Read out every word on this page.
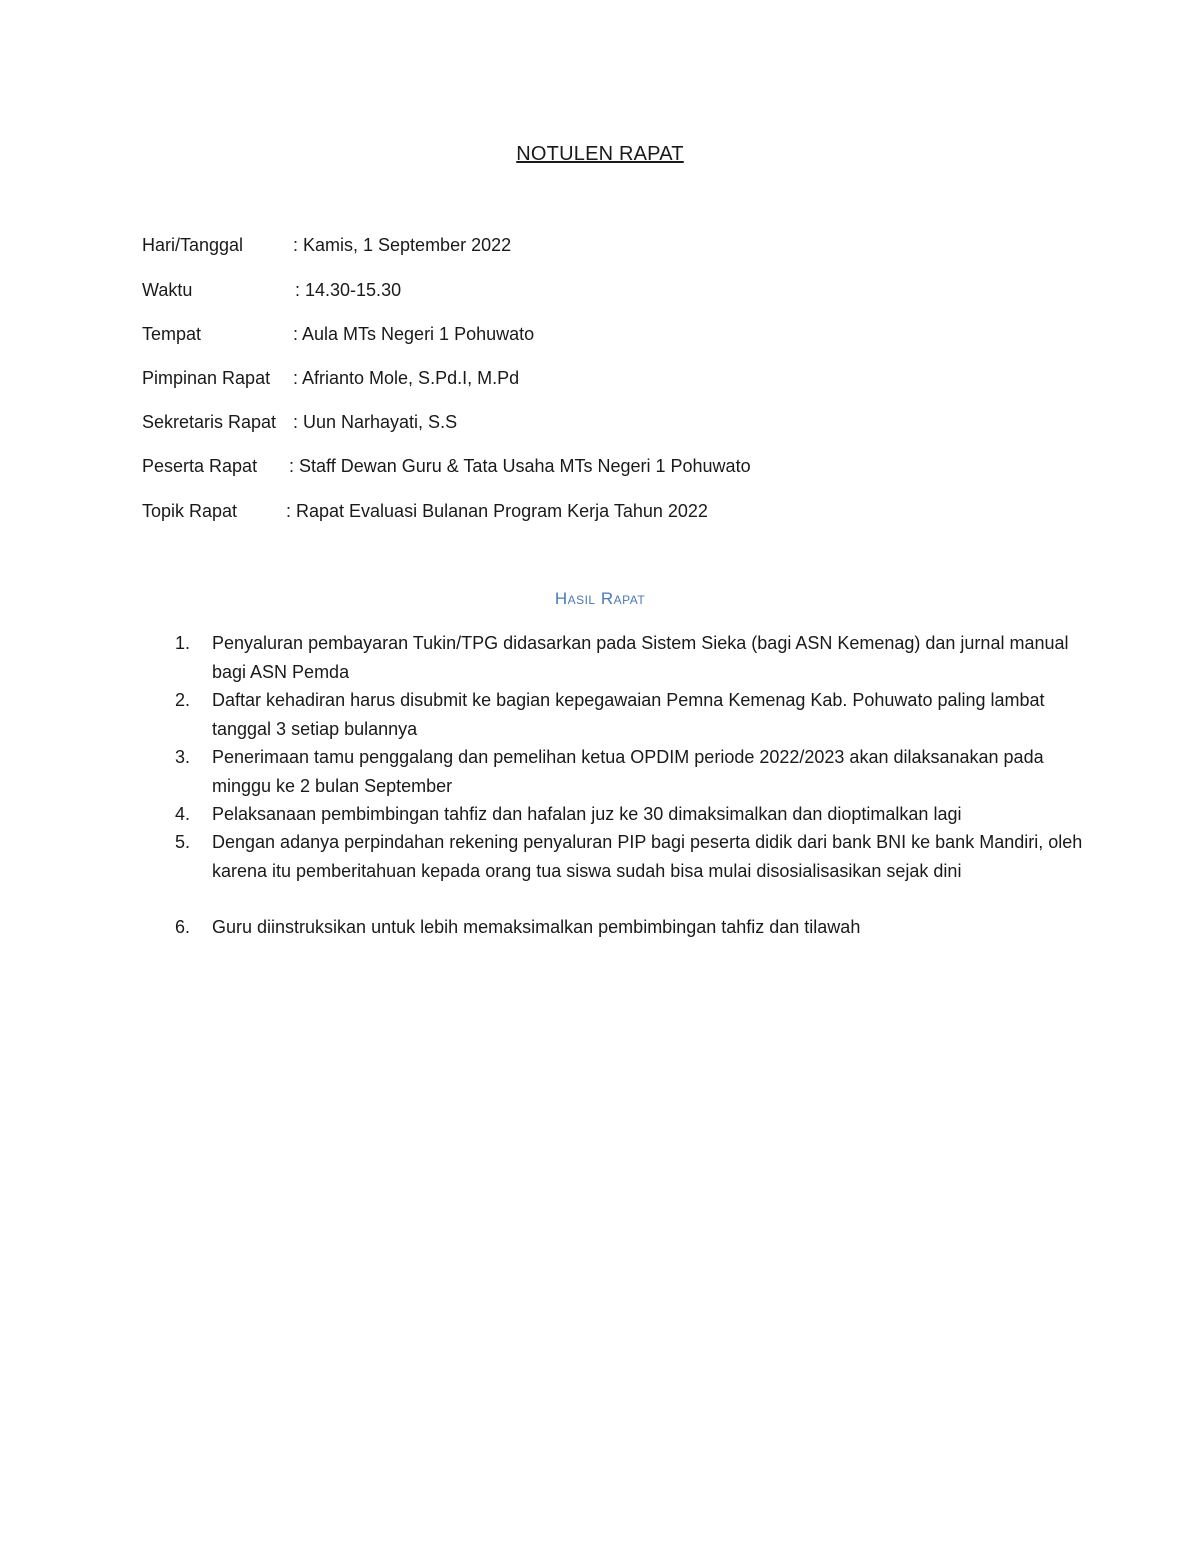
NOTULEN RAPAT
Hari/Tanggal	: Kamis, 1 September 2022
Waktu	: 14.30-15.30
Tempat	: Aula MTs Negeri 1 Pohuwato
Pimpinan Rapat : Afrianto Mole, S.Pd.I, M.Pd
Sekretaris Rapat : Uun Narhayati, S.S
Peserta Rapat : Staff Dewan Guru & Tata Usaha MTs Negeri 1 Pohuwato
Topik Rapat	: Rapat Evaluasi Bulanan Program Kerja Tahun 2022
Hasil Rapat
1. Penyaluran pembayaran Tukin/TPG didasarkan pada Sistem Sieka (bagi ASN Kemenag) dan jurnal manual bagi ASN Pemda
2. Daftar kehadiran harus disubmit ke bagian kepegawaian Pemna Kemenag Kab. Pohuwato paling lambat tanggal 3 setiap bulannya
3. Penerimaan tamu penggalang dan pemelihan ketua OPDIM periode 2022/2023 akan dilaksanakan pada minggu ke 2 bulan September
4. Pelaksanaan pembimbingan tahfiz dan hafalan juz ke 30 dimaksimalkan dan dioptimalkan lagi
5. Dengan adanya perpindahan rekening penyaluran PIP bagi peserta didik dari bank BNI ke bank Mandiri, oleh karena itu pemberitahuan kepada orang tua siswa sudah bisa mulai disosialisasikan sejak dini
6. Guru diinstruksikan untuk lebih memaksimalkan pembimbingan tahfiz dan tilawah
